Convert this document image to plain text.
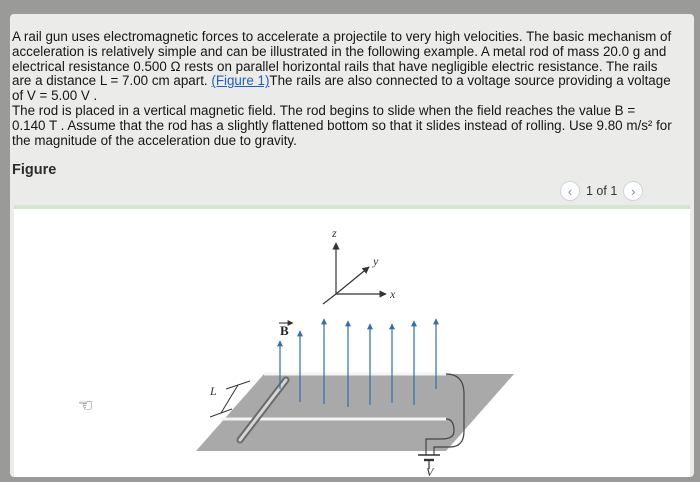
A rail gun uses electromagnetic forces to accelerate a projectile to very high velocities. The basic mechanism of acceleration is relatively simple and can be illustrated in the following example. A metal rod of mass 20.0 g and electrical resistance 0.500 Ω rests on parallel horizontal rails that have negligible electric resistance. The rails are a distance L = 7.00 cm apart. (Figure 1)The rails are also connected to a voltage source providing a voltage of V = 5.00 V .

The rod is placed in a vertical magnetic field. The rod begins to slide when the field reaches the value B = 0.140 T . Assume that the rod has a slightly flattened bottom so that it slides instead of rolling. Use 9.80 m/s² for the magnitude of the acceleration due to gravity.

Figure
‹	1 of 1	›
z
y
x
B
V
L
☜
